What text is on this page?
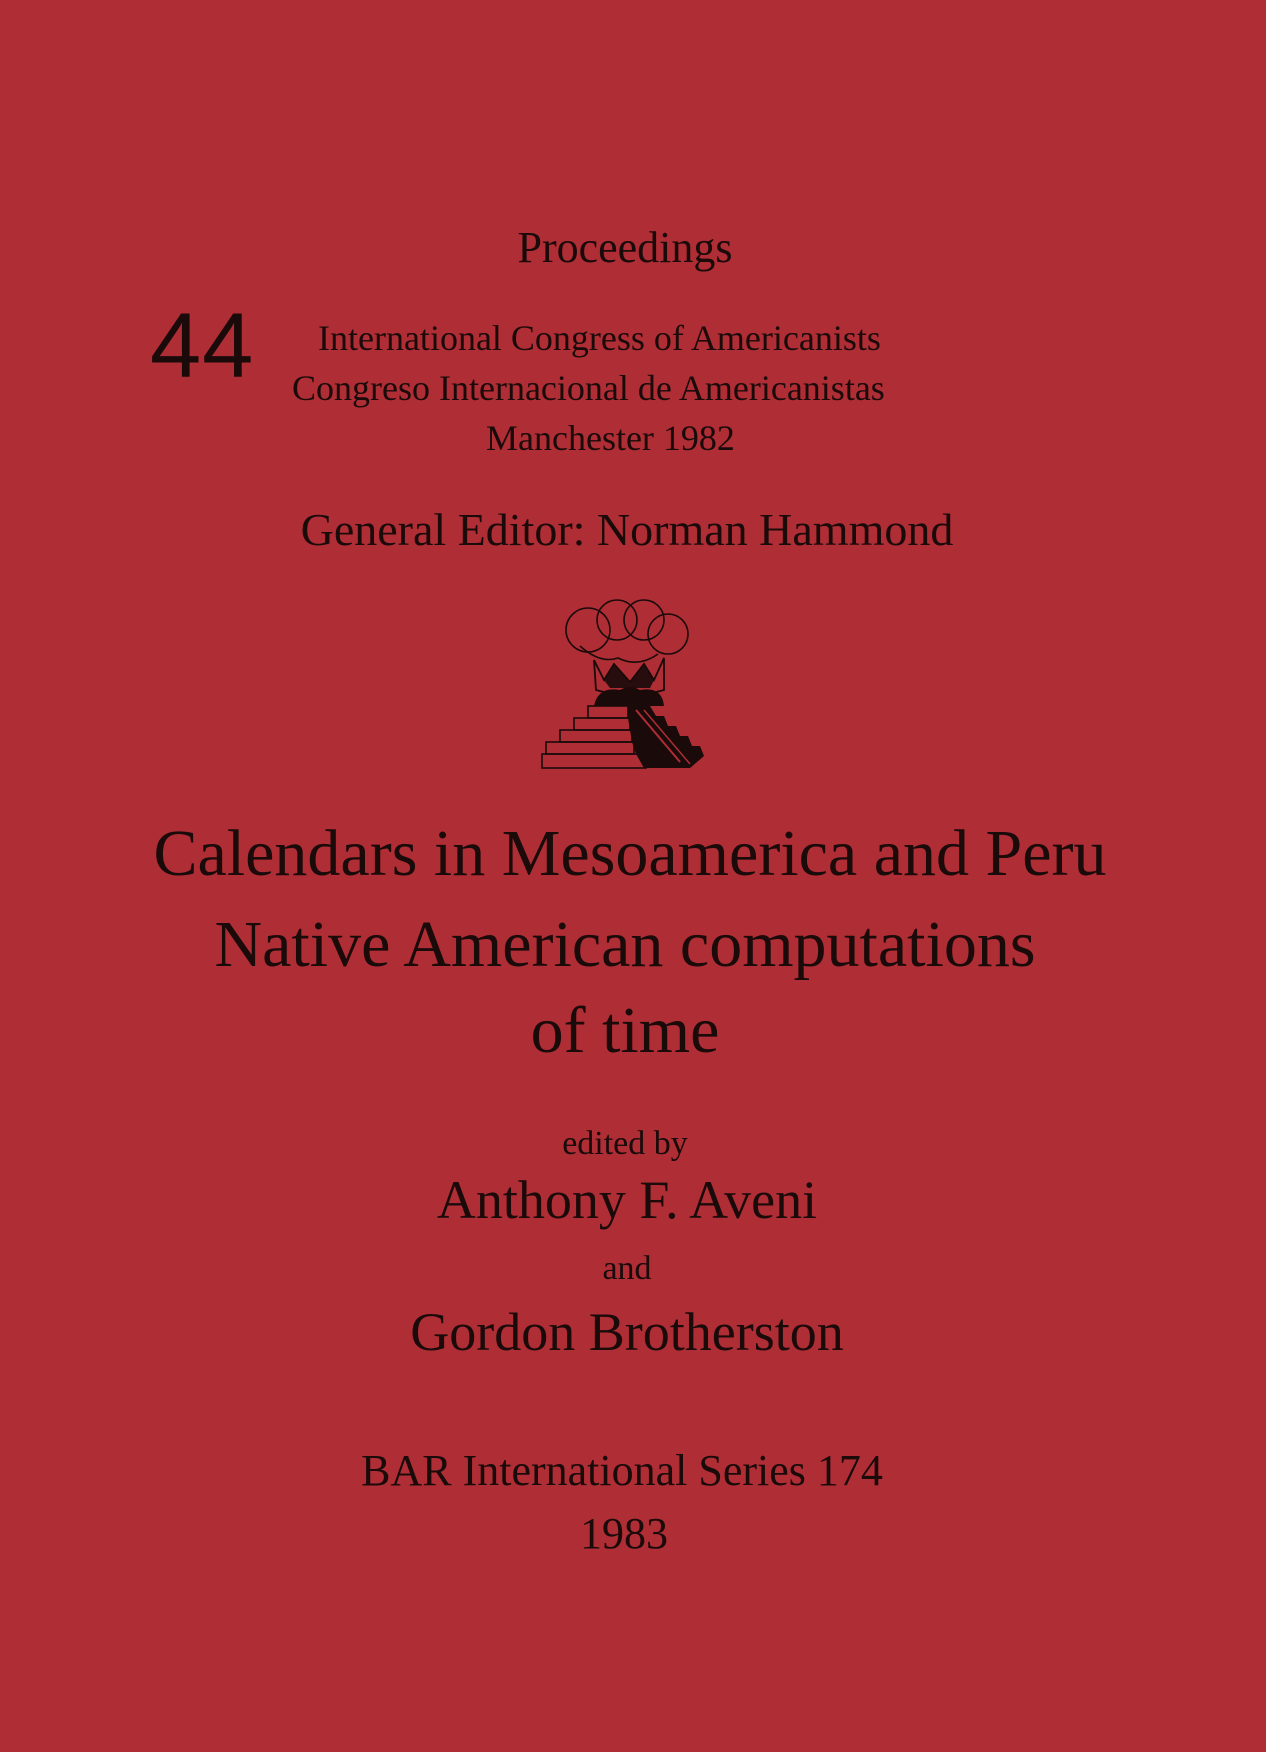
Proceedings
44 International Congress of Americanists
Congreso Internacional de Americanistas
Manchester 1982
General Editor: Norman Hammond
Calendars in Mesoamerica and Peru
Native American computations
of time
edited by
Anthony F. Aveni
and
Gordon Brotherston
BAR International Series 174
1983
